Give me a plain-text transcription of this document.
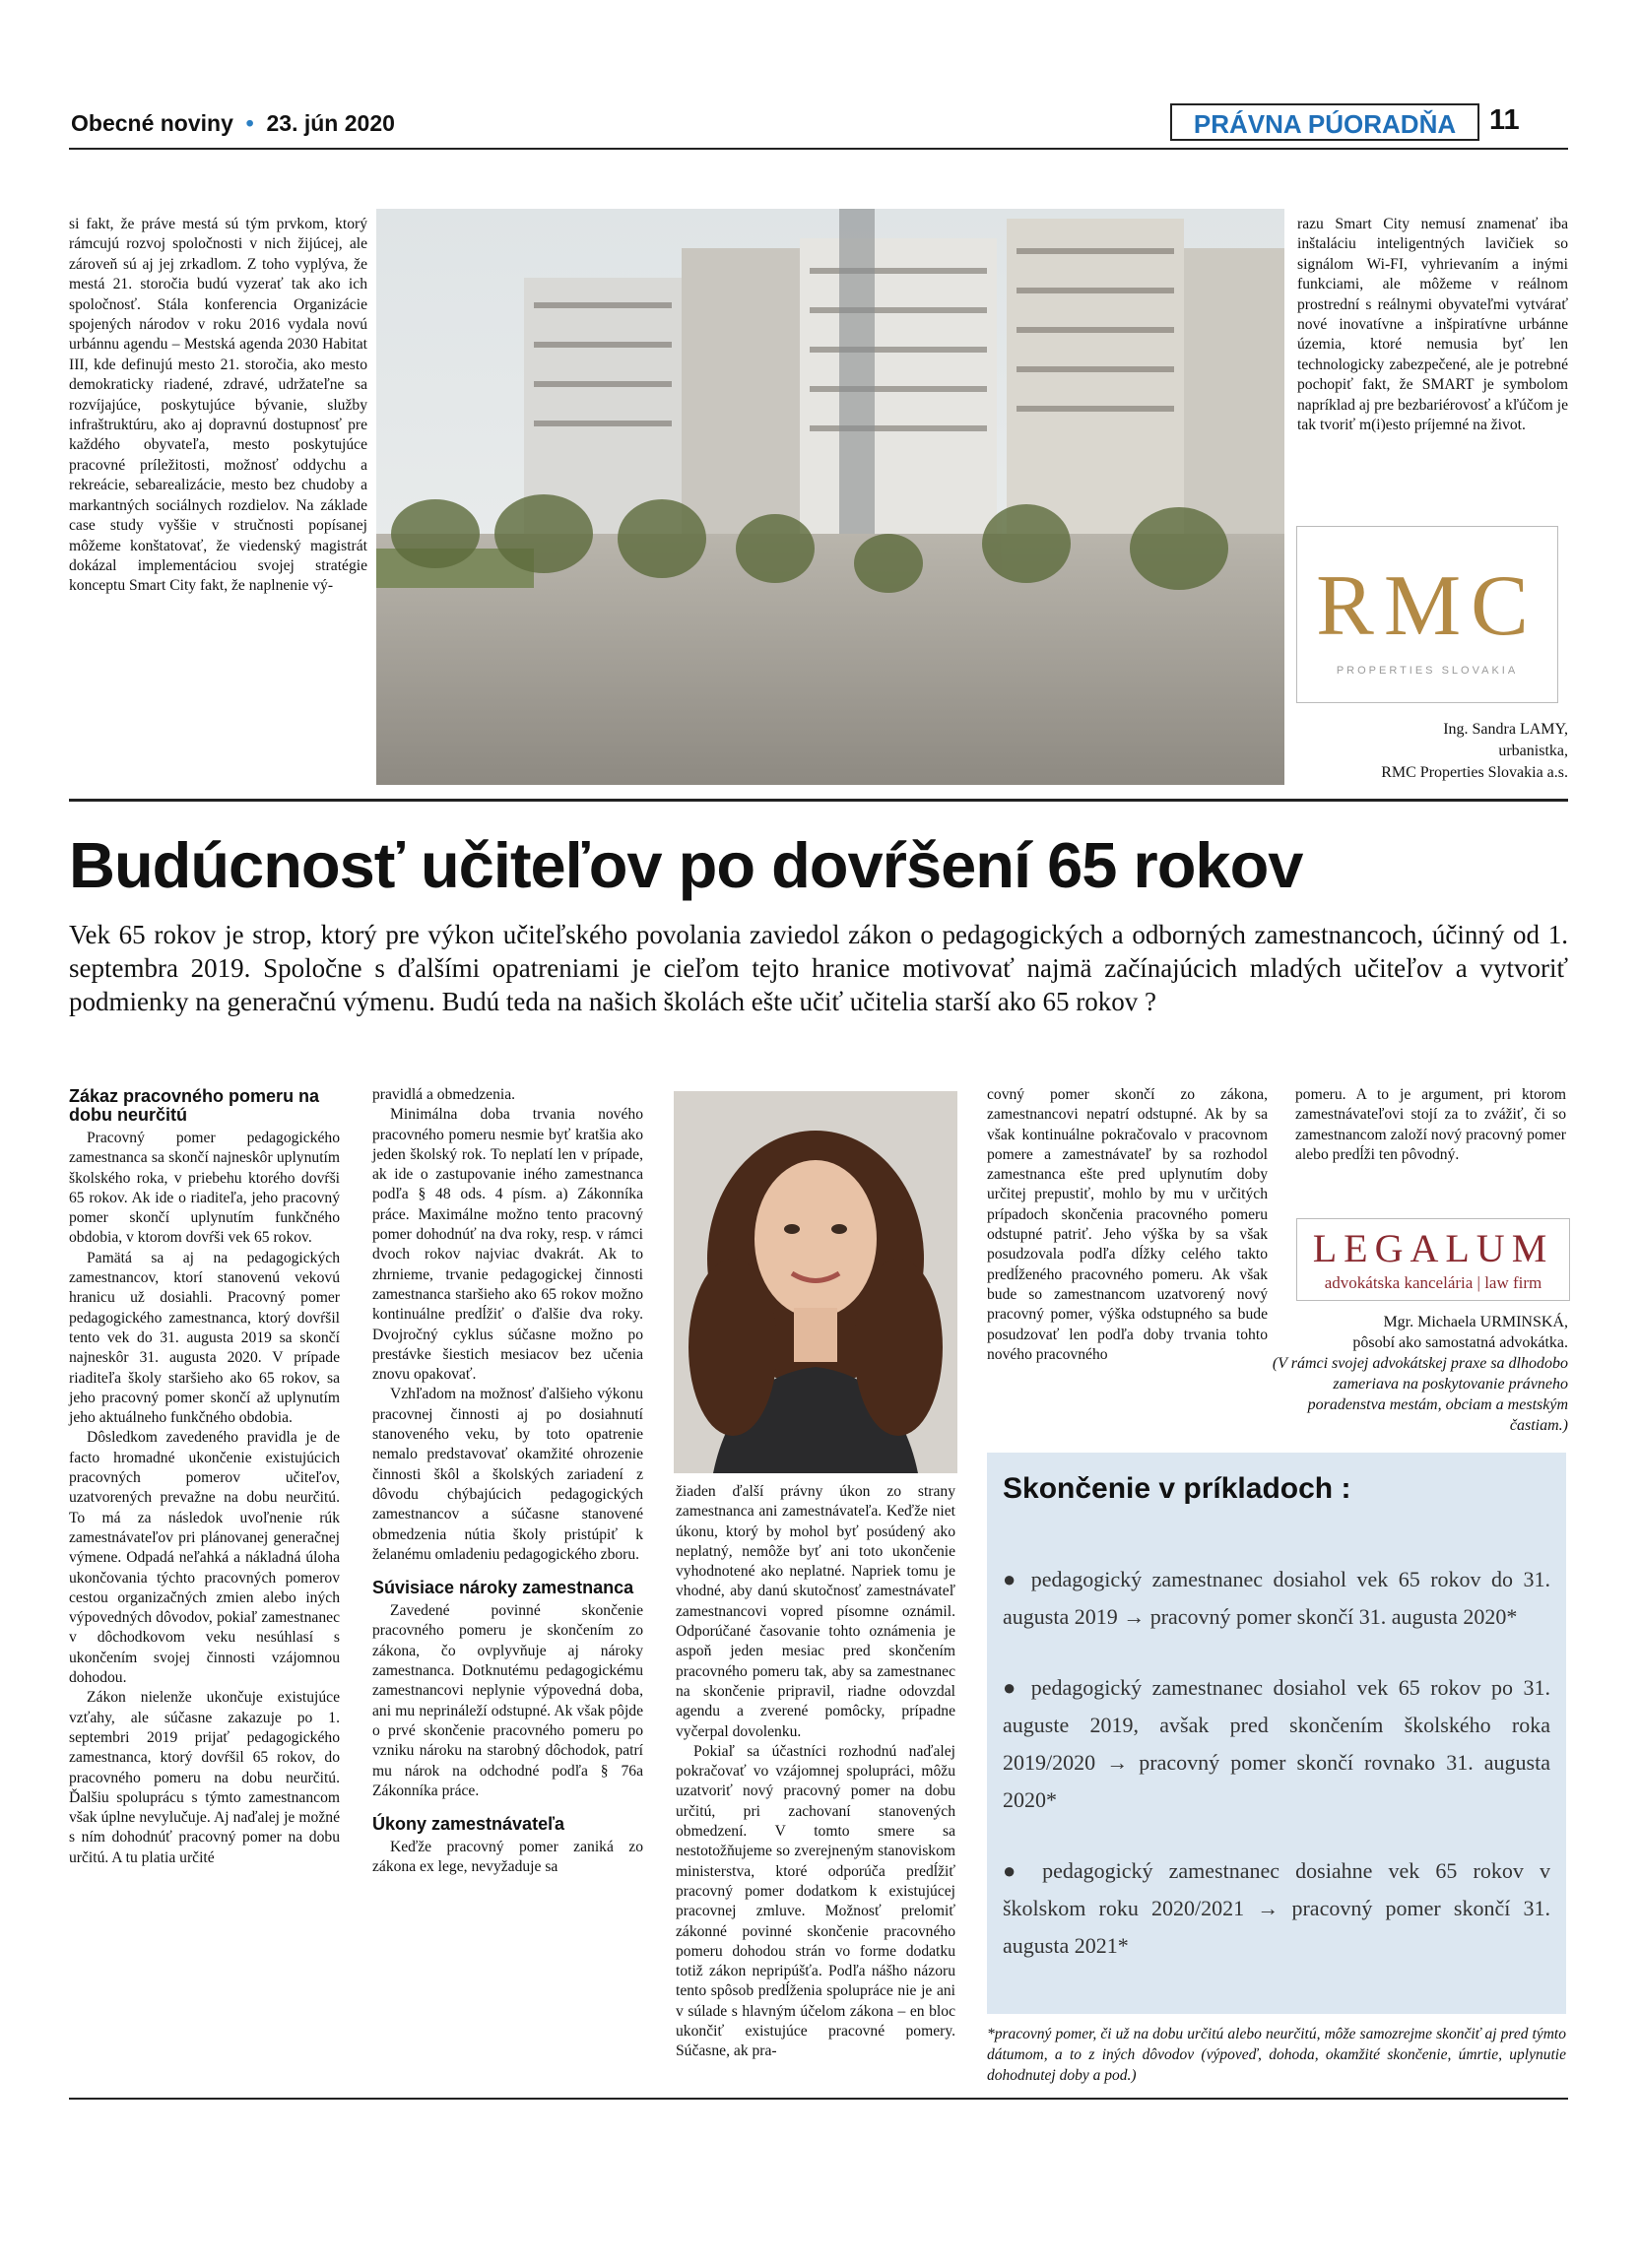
Obecné noviny  •  23. jún 2020	PRÁVNA PÚORADŇA	11
si fakt, že práve mestá sú tým prvkom, ktorý rámcujú rozvoj spoločnosti v nich žijúcej, ale zároveň sú aj jej zrkadlom. Z toho vyplýva, že mestá 21. storočia budú vyzerať tak ako ich spoločnosť. Stála konferencia Organizácie spojených národov v roku 2016 vydala novú urbánnu agendu – Mestská agenda 2030 Habitat III, kde definujú mesto 21. storočia, ako mesto demokraticky riadené, zdravé, udržateľne sa rozvíjajúce, poskytujúce bývanie, služby infraštruktúru, ako aj dopravnú dostupnosť pre každého obyvateľa, mesto poskytujúce pracovné príležitosti, možnosť oddychu a rekreácie, sebarealizácie, mesto bez chudoby a markantných sociálnych rozdielov. Na základe case study vyššie v stručnosti popísanej môžeme konštatovať, že viedenský magistrát dokázal implementáciou svojej stratégie konceptu Smart City fakt, že naplnenie vý-
razu Smart City nemusí znamenať iba inštaláciu inteligentných lavičiek so signálom Wi-FI, vyhrievaním a inými funkciami, ale môžeme v reálnom prostrední s reálnymi obyvateľmi vytvárať nové inovatívne a inšpiratívne urbánne územia, ktoré nemusia byť len technologicky zabezpečené, ale je potrebné pochopiť fakt, že SMART je symbolom napríklad aj pre bezbariérovosť a kľúčom je tak tvoriť m(i)esto príjemné na život.
RMC
PROPERTIES SLOVAKIA
Ing. Sandra LAMY,
urbanistka,
RMC Properties Slovakia a.s.
Budúcnosť učiteľov po dovŕšení 65 rokov
Vek 65 rokov je strop, ktorý pre výkon učiteľského povolania zaviedol zákon o pedagogických a odborných zamestnancoch, účinný od 1. septembra 2019. Spoločne s ďalšími opatreniami je cieľom tejto hranice motivovať najmä začínajúcich mladých učiteľov a vytvoriť podmienky na generačnú výmenu. Budú teda na našich školách ešte učiť učitelia starší ako 65 rokov ?
Zákaz pracovného pomeru na dobu neurčitú

Pracovný pomer pedagogického zamestnanca sa skončí najneskôr uplynutím školského roka, v priebehu ktorého dovŕši 65 rokov. Ak ide o riaditeľa, jeho pracovný pomer skončí uplynutím funkčného obdobia, v ktorom dovŕši vek 65 rokov.

Pamätá sa aj na pedagogických zamestnancov, ktorí stanovenú vekovú hranicu už dosiahli. Pracovný pomer pedagogického zamestnanca, ktorý dovŕšil tento vek do 31. augusta 2019 sa skončí najneskôr 31. augusta 2020. V prípade riaditeľa školy staršieho ako 65 rokov, sa jeho pracovný pomer skončí až uplynutím jeho aktuálneho funkčného obdobia.

Dôsledkom zavedeného pravidla je de facto hromadné ukončenie existujúcich pracovných pomerov učiteľov, uzatvorených prevažne na dobu neurčitú. To má za následok uvoľnenie rúk zamestnávateľov pri plánovanej generačnej výmene. Odpadá neľahká a nákladná úloha ukončovania týchto pracovných pomerov cestou organizačných zmien alebo iných výpovedných dôvodov, pokiaľ zamestnanec v dôchodkovom veku nesúhlasí s ukončením svojej činnosti vzájomnou dohodou.

Zákon nielenže ukončuje existujúce vzťahy, ale súčasne zakazuje po 1. septembri 2019 prijať pedagogického zamestnanca, ktorý dovŕšil 65 rokov, do pracovného pomeru na dobu neurčitú. Ďalšiu spoluprácu s týmto zamestnancom však úplne nevylučuje. Aj naďalej je možné s ním dohodnúť pracovný pomer na dobu určitú. A tu platia určité

pravidlá a obmedzenia.

Minimálna doba trvania nového pracovného pomeru nesmie byť kratšia ako jeden školský rok. To neplatí len v prípade, ak ide o zastupovanie iného zamestnanca podľa § 48 ods. 4 písm. a) Zákonníka práce. Maximálne možno tento pracovný pomer dohodnúť na dva roky, resp. v rámci dvoch rokov najviac dvakrát. Ak to zhrnieme, trvanie pedagogickej činnosti zamestnanca staršieho ako 65 rokov možno kontinuálne predĺžiť o ďalšie dva roky. Dvojročný cyklus súčasne možno po prestávke šiestich mesiacov bez učenia znovu opakovať.

Vzhľadom na možnosť ďalšieho výkonu pracovnej činnosti aj po dosiahnutí stanoveného veku, by toto opatrenie nemalo predstavovať okamžité ohrozenie činnosti škôl a školských zariadení z dôvodu chýbajúcich pedagogických zamestnancov a súčasne stanovené obmedzenia nútia školy pristúpiť k želanému omladeniu pedagogického zboru.

Súvisiace nároky zamestnanca

Zavedené povinné skončenie pracovného pomeru je skončením zo zákona, čo ovplyvňuje aj nároky zamestnanca. Dotknutému pedagogickému zamestnancovi neplynie výpovedná doba, ani mu neprináleží odstupné. Ak však pôjde o prvé skončenie pracovného pomeru po vzniku nároku na starobný dôchodok, patrí mu nárok na odchodné podľa § 76a Zákonníka práce.

Úkony zamestnávateľa

Keďže pracovný pomer zaniká zo zákona ex lege, nevyžaduje sa

žiaden ďalší právny úkon zo strany zamestnanca ani zamestnávateľa. Keďže niet úkonu, ktorý by mohol byť posúdený ako neplatný, nemôže byť ani toto ukončenie vyhodnotené ako neplatné. Napriek tomu je vhodné, aby danú skutočnosť zamestnávateľ zamestnancovi vopred písomne oznámil. Odporúčané časovanie tohto oznámenia je aspoň jeden mesiac pred skončením pracovného pomeru tak, aby sa zamestnanec na skončenie pripravil, riadne odovzdal agendu a zverené pomôcky, prípadne vyčerpal dovolenku.

Pokiaľ sa účastníci rozhodnú naďalej pokračovať vo vzájomnej spolupráci, môžu uzatvoriť nový pracovný pomer na dobu určitú, pri zachovaní stanovených obmedzení. V tomto smere sa nestotožňujeme so zverejneným stanoviskom ministerstva, ktoré odporúča predĺžiť pracovný pomer dodatkom k existujúcej pracovnej zmluve. Možnosť prelomiť zákonné povinné skončenie pracovného pomeru dohodou strán vo forme dodatku totiž zákon nepripúšťa. Podľa nášho názoru tento spôsob predĺženia spolupráce nie je ani v súlade s hlavným účelom zákona – en bloc ukončiť existujúce pracovné pomery. Súčasne, ak pra-

covný pomer skončí zo zákona, zamestnancovi nepatrí odstupné. Ak by sa však kontinuálne pokračovalo v pracovnom pomere a zamestnávateľ by sa rozhodol zamestnanca ešte pred uplynutím doby určitej prepustiť, mohlo by mu v určitých prípadoch skončenia pracovného pomeru odstupné patriť. Jeho výška by sa však posudzovala podľa dĺžky celého takto predĺženého pracovného pomeru. Ak však bude so zamestnancom uzatvorený nový pracovný pomer, výška odstupného sa bude posudzovať len podľa doby trvania tohto nového pracovného

pomeru. A to je argument, pri ktorom zamestnávateľovi stojí za to zvážiť, či so zamestnancom založí nový pracovný pomer alebo predĺži ten pôvodný.

LEGALUM
advokátska kancelária | law firm
Mgr. Michaela URMINSKÁ,
pôsobí ako samostatná advokátka.
(V rámci svojej advokátskej praxe sa dlhodobo zameriava na poskytovanie právneho poradenstva mestám, obciam a mestským častiam.)
Skončenie v príkladoch :

● pedagogický zamestnanec dosiahol vek 65 rokov do 31. augusta 2019 → pracovný pomer skončí 31. augusta 2020*

● pedagogický zamestnanec dosiahol vek 65 rokov po 31. auguste 2019, avšak pred skončením školského roka 2019/2020 → pracovný pomer skončí rovnako 31. augusta 2020*

● pedagogický zamestnanec dosiahne vek 65 rokov v školskom roku 2020/2021 → pracovný pomer skončí 31. augusta 2021*

*pracovný pomer, či už na dobu určitú alebo neurčitú, môže samozrejme skončiť aj pred týmto dátumom, a to z iných dôvodov (výpoveď, dohoda, okamžité skončenie, úmrtie, uplynutie dohodnutej doby a pod.)
